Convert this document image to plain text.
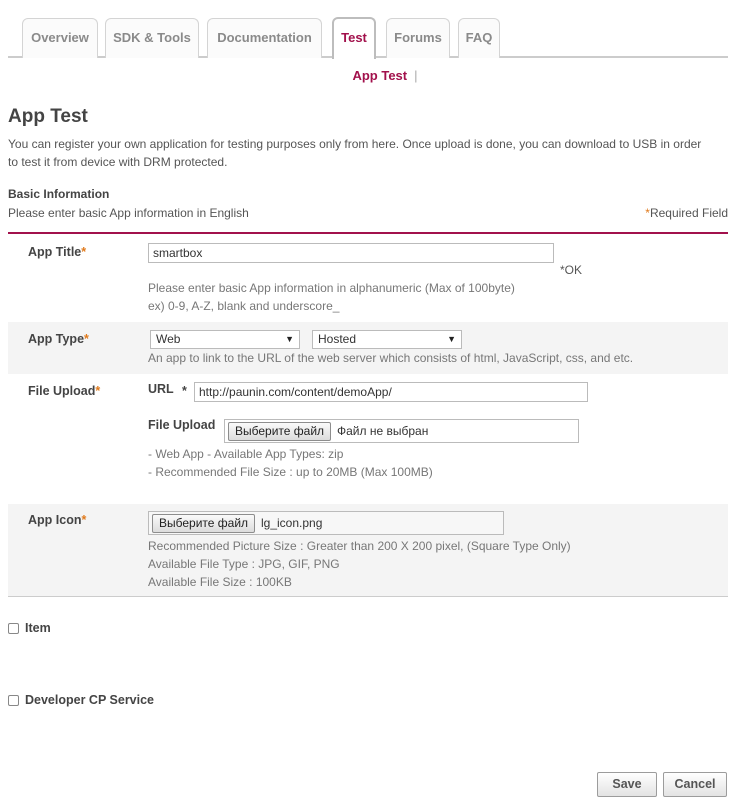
Overview	SDK & Tools	Documentation	Test	Forums	FAQ
App Test |
App Test
You can register your own application for testing purposes only from here. Once upload is done, you can download to USB in order to test it from device with DRM protected.
Basic Information
Please enter basic App information in English	*Required Field
App Title*	smartbox
*OK
Please enter basic App information in alphanumeric (Max of 100byte)
ex) 0-9, A-Z, blank and underscore_
App Type*	Web	▼	Hosted	▼
An app to link to the URL of the web server which consists of html, JavaScript, css, and etc.
File Upload*	URL *	http://paunin.com/content/demoApp/
File Upload	Выберите файл	Файл не выбран
- Web App - Available App Types: zip
- Recommended File Size : up to 20MB (Max 100MB)
App Icon*	Выберите файл	lg_icon.png
Recommended Picture Size : Greater than 200 X 200 pixel, (Square Type Only)
Available File Type : JPG, GIF, PNG
Available File Size : 100KB
Item
Developer CP Service
Save	Cancel
